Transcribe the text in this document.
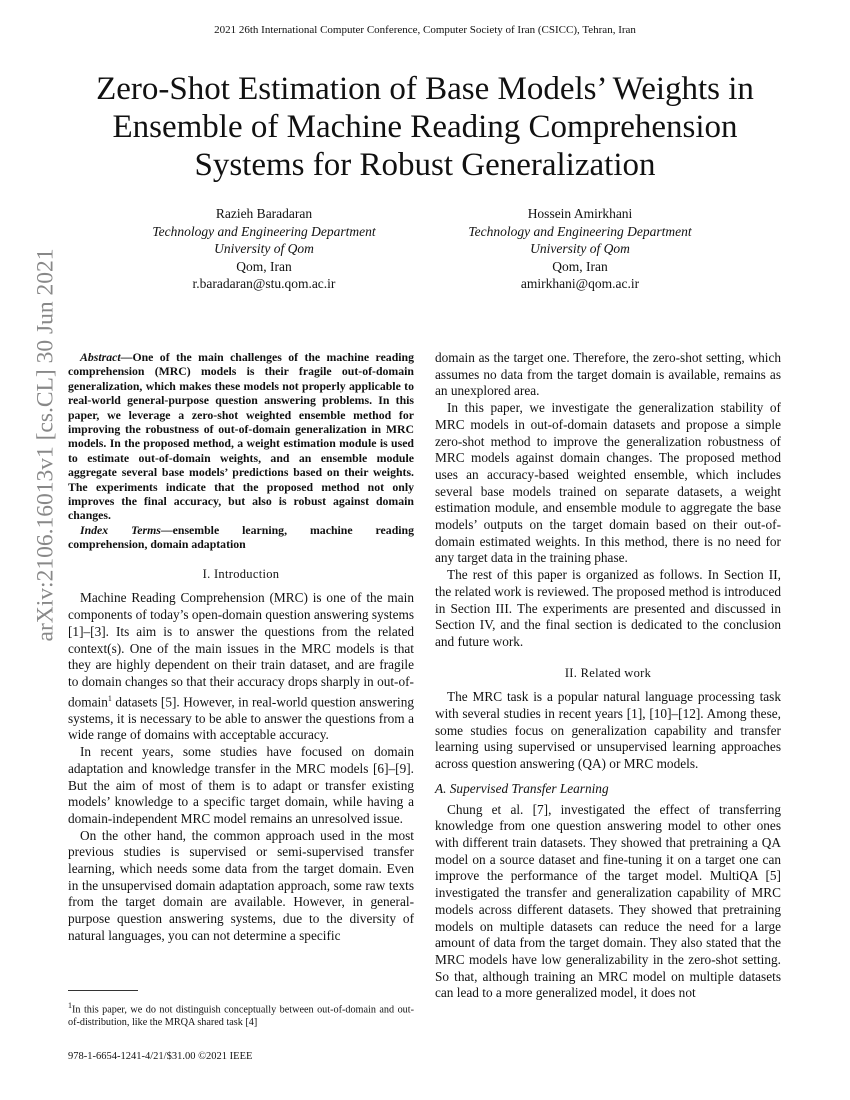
2021 26th International Computer Conference, Computer Society of Iran (CSICC), Tehran, Iran
Zero-Shot Estimation of Base Models’ Weights in Ensemble of Machine Reading Comprehension Systems for Robust Generalization
Razieh Baradaran
Technology and Engineering Department
University of Qom
Qom, Iran
r.baradaran@stu.qom.ac.ir
Hossein Amirkhani
Technology and Engineering Department
University of Qom
Qom, Iran
amirkhani@qom.ac.ir
arXiv:2106.16013v1 [cs.CL] 30 Jun 2021	Abstract—One of the main challenges of the machine reading comprehension (MRC) models is their fragile out-of-domain generalization, which makes these models not properly applicable to real-world general-purpose question answering problems. In this paper, we leverage a zero-shot weighted ensemble method for improving the robustness of out-of-domain generalization in MRC models. In the proposed method, a weight estimation module is used to estimate out-of-domain weights, and an ensemble module aggregate several base models’ predictions based on their weights. The experiments indicate that the proposed method not only improves the final accuracy, but also is robust against domain changes.

Index Terms—ensemble learning, machine reading comprehension, domain adaptation

I. Introduction

Machine Reading Comprehension (MRC) is one of the main components of today’s open-domain question answering systems [1]–[3]. Its aim is to answer the questions from the related context(s). One of the main issues in the MRC models is that they are highly dependent on their train dataset, and are fragile to domain changes so that their accuracy drops sharply in out-of-domain$^1$ datasets [5]. However, in real-world question answering systems, it is necessary to be able to answer the questions from a wide range of domains with acceptable accuracy.

In recent years, some studies have focused on domain adaptation and knowledge transfer in the MRC models [6]–[9]. But the aim of most of them is to adapt or transfer existing models’ knowledge to a specific target domain, while having a domain-independent MRC model remains an unresolved issue.

On the other hand, the common approach used in the most previous studies is supervised or semi-supervised transfer learning, which needs some data from the target domain. Even in the unsupervised domain adaptation approach, some raw texts from the target domain are available. However, in general-purpose question answering systems, due to the diversity of natural languages, you can not determine a specific

$^1$In this paper, we do not distinguish conceptually between out-of-domain and out-of-distribution, like the MRQA shared task [4]
978-1-6654-1241-4/21/$31.00 ©2021 IEEE

domain as the target one. Therefore, the zero-shot setting, which assumes no data from the target domain is available, remains as an unexplored area.

In this paper, we investigate the generalization stability of MRC models in out-of-domain datasets and propose a simple zero-shot method to improve the generalization robustness of MRC models against domain changes. The proposed method uses an accuracy-based weighted ensemble, which includes several base models trained on separate datasets, a weight estimation module, and ensemble module to aggregate the base models’ outputs on the target domain based on their out-of-domain estimated weights. In this method, there is no need for any target data in the training phase.

The rest of this paper is organized as follows. In Section II, the related work is reviewed. The proposed method is introduced in Section III. The experiments are presented and discussed in Section IV, and the final section is dedicated to the conclusion and future work.

II. Related work

The MRC task is a popular natural language processing task with several studies in recent years [1], [10]–[12]. Among these, some studies focus on generalization capability and transfer learning using supervised or unsupervised learning approaches across question answering (QA) or MRC models.

A. Supervised Transfer Learning

Chung et al. [7], investigated the effect of transferring knowledge from one question answering model to other ones with different train datasets. They showed that pretraining a QA model on a source dataset and fine-tuning it on a target one can improve the performance of the target model. MultiQA [5] investigated the transfer and generalization capability of MRC models across different datasets. They showed that pretraining models on multiple datasets can reduce the need for a large amount of data from the target domain. They also stated that the MRC models have low generalizability in the zero-shot setting. So that, although training an MRC model on multiple datasets can lead to a more generalized model, it does not
